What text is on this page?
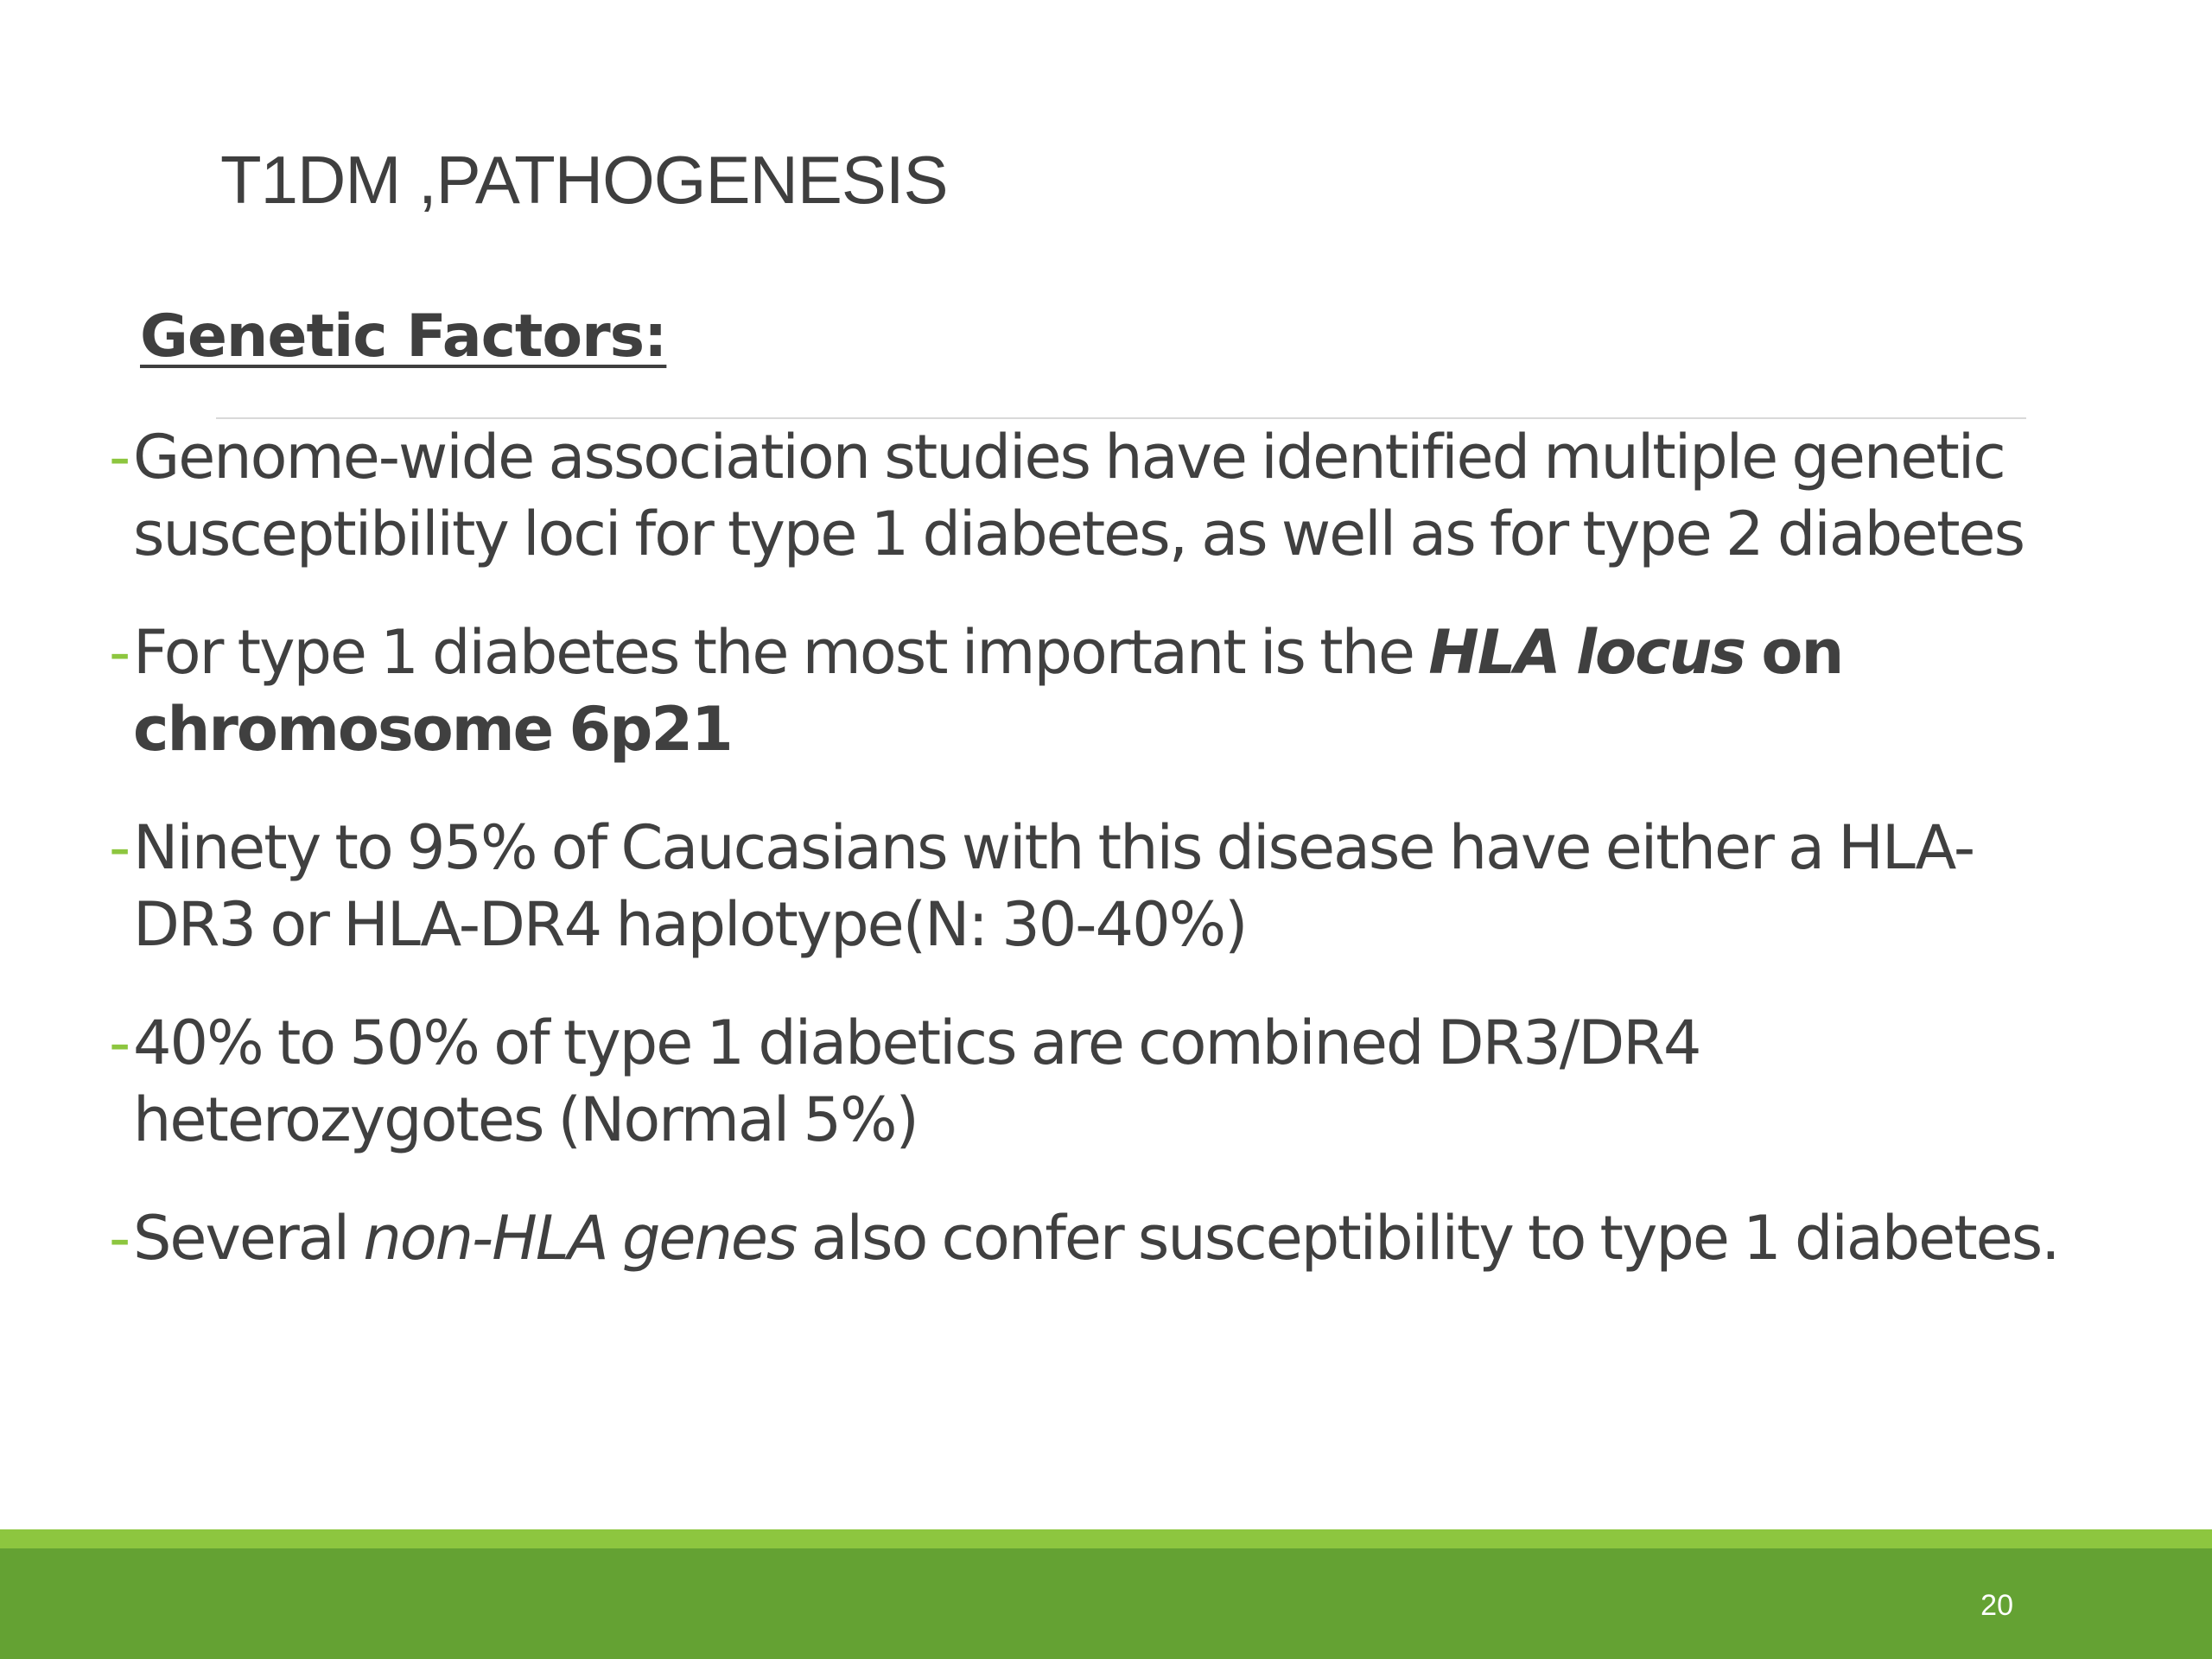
T1DM ,PATHOGENESIS
Genetic Factors:
- Genome-wide association studies have identified multiple genetic susceptibility loci for type 1 diabetes, as well as for type 2 diabetes
- For type 1 diabetes the most important is the HLA locus on chromosome 6p21
- Ninety to 95% of Caucasians with this disease have either a HLA-DR3 or HLA-DR4 haplotype(N: 30-40%)
- 40% to 50% of type 1 diabetics are combined DR3/DR4 heterozygotes (Normal 5%)
- Several non-HLA genes also confer susceptibility to type 1 diabetes.
20
